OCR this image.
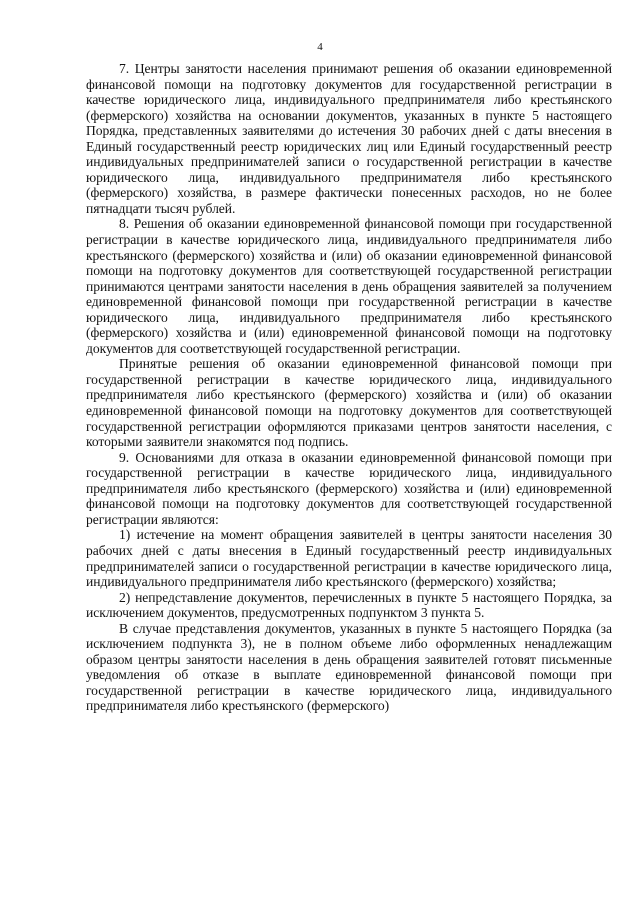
4

7. Центры занятости населения принимают решения об оказании единовременной финансовой помощи на подготовку документов для государственной регистрации в качестве юридического лица, индивидуального предпринимателя либо крестьянского (фермерского) хозяйства на основании документов, указанных в пункте 5 настоящего Порядка, представленных заявителями до истечения 30 рабочих дней с даты внесения в Единый государственный реестр юридических лиц или Единый государственный реестр индивидуальных предпринимателей записи о государственной регистрации в качестве юридического лица, индивидуального предпринимателя либо крестьянского (фермерского) хозяйства, в размере фактически понесенных расходов, но не более пятнадцати тысяч рублей.

8. Решения об оказании единовременной финансовой помощи при государственной регистрации в качестве юридического лица, индивидуального предпринимателя либо крестьянского (фермерского) хозяйства и (или) об оказании единовременной финансовой помощи на подготовку документов для соответствующей государственной регистрации принимаются центрами занятости населения в день обращения заявителей за получением единовременной финансовой помощи при государственной регистрации в качестве юридического лица, индивидуального предпринимателя либо крестьянского (фермерского) хозяйства и (или) единовременной финансовой помощи на подготовку документов для соответствующей государственной регистрации.

Принятые решения об оказании единовременной финансовой помощи при государственной регистрации в качестве юридического лица, индивидуального предпринимателя либо крестьянского (фермерского) хозяйства и (или) об оказании единовременной финансовой помощи на подготовку документов для соответствующей государственной регистрации оформляются приказами центров занятости населения, с которыми заявители знакомятся под подпись.

9. Основаниями для отказа в оказании единовременной финансовой помощи при государственной регистрации в качестве юридического лица, индивидуального предпринимателя либо крестьянского (фермерского) хозяйства и (или) единовременной финансовой помощи на подготовку документов для соответствующей государственной регистрации являются:

1) истечение на момент обращения заявителей в центры занятости населения 30 рабочих дней с даты внесения в Единый государственный реестр индивидуальных предпринимателей записи о государственной регистрации в качестве юридического лица, индивидуального предпринимателя либо крестьянского (фермерского) хозяйства;

2) непредставление документов, перечисленных в пункте 5 настоящего Порядка, за исключением документов, предусмотренных подпунктом 3 пункта 5.

В случае представления документов, указанных в пункте 5 настоящего Порядка (за исключением подпункта 3), не в полном объеме либо оформленных ненадлежащим образом центры занятости населения в день обращения заявителей готовят письменные уведомления об отказе в выплате единовременной финансовой помощи при государственной регистрации в качестве юридического лица, индивидуального предпринимателя либо крестьянского (фермерского)
